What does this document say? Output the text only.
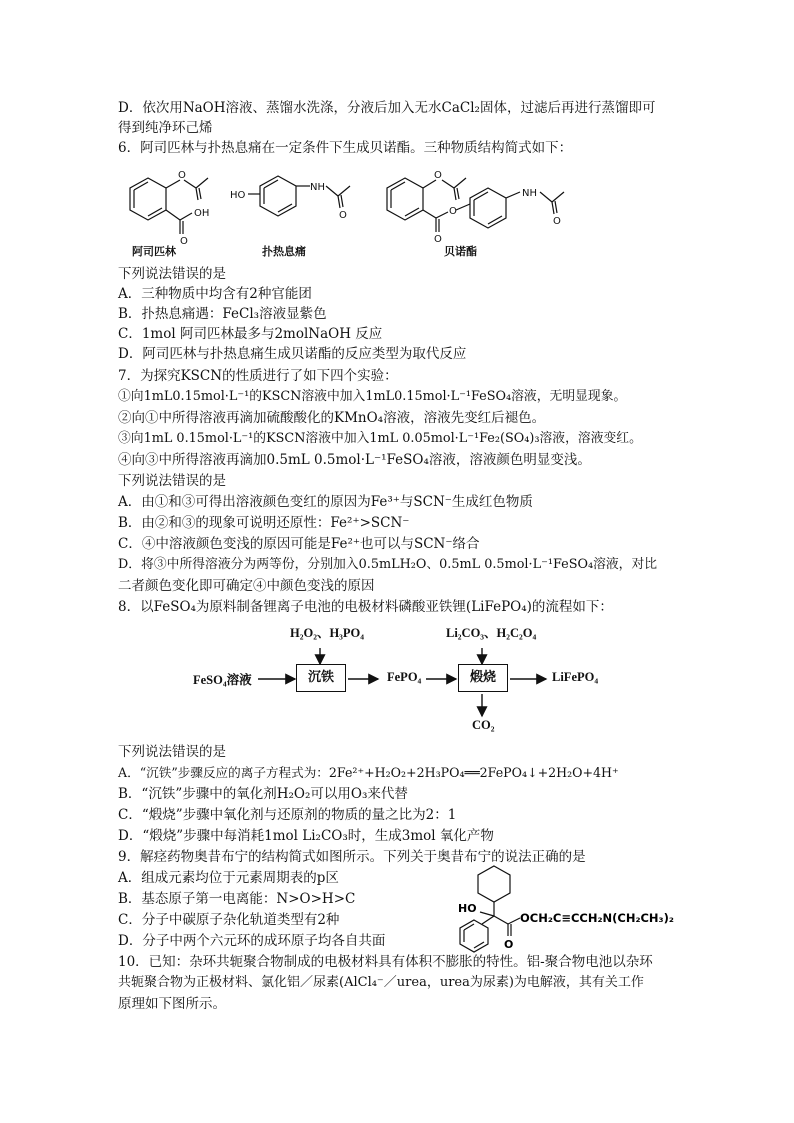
D．依次用NaOH溶液、蒸馏水洗涤，分液后加入无水CaCl₂固体，过滤后再进行蒸馏即可
得到纯净环己烯
6．阿司匹林与扑热息痛在一定条件下生成贝诺酯。三种物质结构简式如下：
O
OH
O
HO
NH
O
O
O
O
NH
O
阿司匹林	扑热息痛	贝诺酯
下列说法错误的是
A．三种物质中均含有2种官能团
B．扑热息痛遇：FeCl₃溶液显紫色
C．1mol 阿司匹林最多与2molNaOH 反应
D．阿司匹林与扑热息痛生成贝诺酯的反应类型为取代反应
7．为探究KSCN的性质进行了如下四个实验：
①向1mL0.15mol·L⁻¹的KSCN溶液中加入1mL0.15mol·L⁻¹FeSO₄溶液，无明显现象。
②向①中所得溶液再滴加硫酸酸化的KMnO₄溶液，溶液先变红后褪色。
③向1mL 0.15mol·L⁻¹的KSCN溶液中加入1mL 0.05mol·L⁻¹Fe₂(SO₄)₃溶液，溶液变红。
④向③中所得溶液再滴加0.5mL 0.5mol·L⁻¹FeSO₄溶液，溶液颜色明显变浅。
下列说法错误的是
A．由①和③可得出溶液颜色变红的原因为Fe³⁺与SCN⁻生成红色物质
B．由②和③的现象可说明还原性：Fe²⁺>SCN⁻
C．④中溶液颜色变浅的原因可能是Fe²⁺也可以与SCN⁻络合
D．将③中所得溶液分为两等份，分别加入0.5mLH₂O、0.5mL 0.5mol·L⁻¹FeSO₄溶液，对比
二者颜色变化即可确定④中颜色变浅的原因
8．以FeSO₄为原料制备锂离子电池的电极材料磷酸亚铁锂(LiFePO₄)的流程如下：
FeSO₄溶液
H₂O₂、H₃PO₄
沉铁	FePO₄
Li₂CO₃、H₂C₂O₄
煅烧	LiFePO₄
CO₂
下列说法错误的是
A．“沉铁”步骤反应的离子方程式为：2Fe²⁺+H₂O₂+2H₃PO₄══2FePO₄↓+2H₂O+4H⁺
B．“沉铁”步骤中的氧化剂H₂O₂可以用O₃来代替
C．“煅烧”步骤中氧化剂与还原剂的物质的量之比为2：1
D．“煅烧”步骤中每消耗1mol Li₂CO₃时，生成3mol 氧化产物
9．解痉药物奥昔布宁的结构简式如图所示。下列关于奥昔布宁的说法正确的是
A．组成元素均位于元素周期表的p区
B．基态原子第一电离能：N>O>H>C
C．分子中碳原子杂化轨道类型有2种
D．分子中两个六元环的成环原子均各自共面
HO
O
OCH₂C≡CCH₂N(CH₂CH₃)₂
10．已知：杂环共轭聚合物制成的电极材料具有体积不膨胀的特性。铝-聚合物电池以杂环
共轭聚合物为正极材料、氯化铝／尿素(AlCl₄⁻／urea，urea为尿素)为电解液，其有关工作
原理如下图所示。
